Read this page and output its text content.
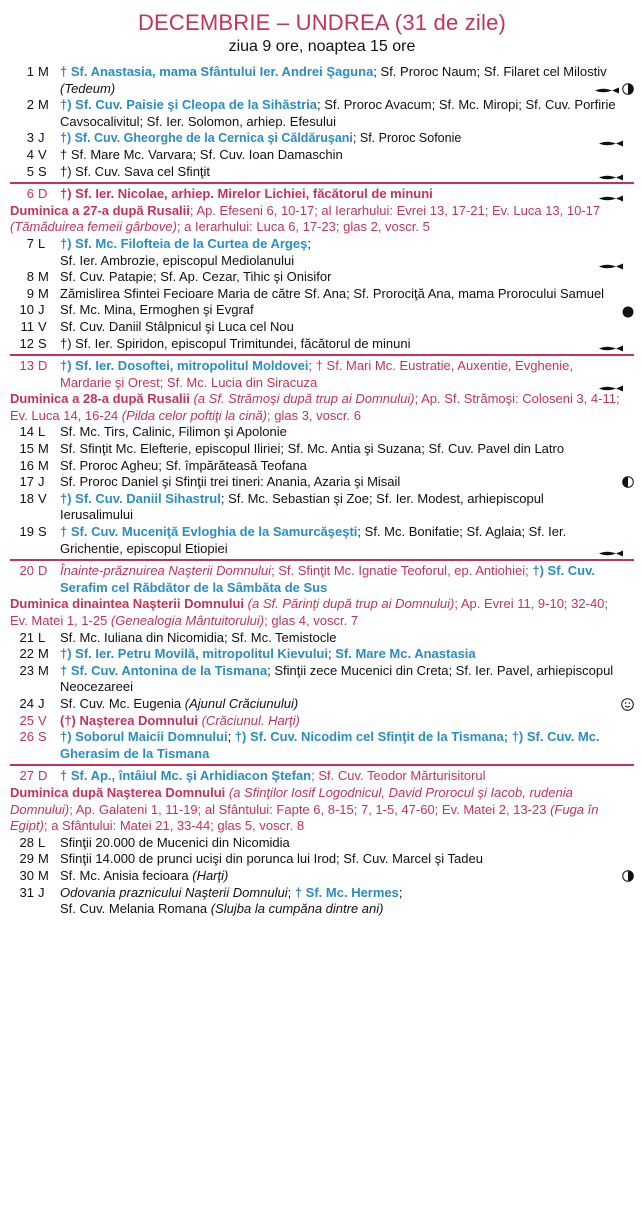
DECEMBRIE – UNDREA (31 de zile)
ziua 9 ore, noaptea 15 ore
1 M † Sf. Anastasia, mama Sfântului Ier. Andrei Şaguna; Sf. Proroc Naum; Sf. Filaret cel Milostiv (Tedeum)
2 M †) Sf. Cuv. Paisie şi Cleopa de la Sihăstria; Sf. Proroc Avacum; Sf. Mc. Miropi; Sf. Cuv. Porfirie Cavsocalivitul; Sf. Ier. Solomon, arhiep. Efesului
3 J	†) Sf. Cuv. Gheorghe de la Cernica şi Căldăruşani; Sf. Proroc Sofonie
4 V	† Sf. Mare Mc. Varvara; Sf. Cuv. Ioan Damaschin
5 S	†) Sf. Cuv. Sava cel Sfinţit
6 D †) Sf. Ier. Nicolae, arhiep. Mirelor Lichiei, făcătorul de minuni
Duminica a 27-a după Rusalii; Ap. Efeseni 6, 10-17; al Ierarhului: Evrei 13, 17-21; Ev. Luca 13, 10-17 (Tămăduirea femeii gârbove); a Ierarhului: Luca 6, 17-23; glas 2, voscr. 5
7 L	†) Sf. Mc. Filofteia de la Curtea de Argeş;
Sf. Ier. Ambrozie, episcopul Mediolanului
8 M Sf. Cuv. Patapie; Sf. Ap. Cezar, Tihic şi Onisifor
9 M Zămislirea Sfintei Fecioare Maria de către Sf. Ana; Sf. Prorociţă Ana, mama Prorocului Samuel
10 J	Sf. Mc. Mina, Ermoghen şi Evgraf
11 V	Sf. Cuv. Daniil Stâlpnicul şi Luca cel Nou
12 S	†) Sf. Ier. Spiridon, episcopul Trimitundei, făcătorul de minuni
13 D †) Sf. Ier. Dosoftei, mitropolitul Moldovei; † Sf. Mari Mc. Eustratie, Auxentie, Evghenie, Mardarie şi Orest; Sf. Mc. Lucia din Siracuza
Duminica a 28-a după Rusalii (a Sf. Strămoşi după trup ai Domnului); Ap. Sf. Strămoşi: Coloseni 3, 4-11; Ev. Luca 14, 16-24 (Pilda celor poftiţi la cină); glas 3, voscr. 6
14 L	Sf. Mc. Tirs, Calinic, Filimon şi Apolonie
15 M Sf. Sfinţit Mc. Elefterie, episcopul Iliriei; Sf. Mc. Antia şi Suzana; Sf. Cuv. Pavel din Latro
16 M Sf. Proroc Agheu; Sf. împărăteasă Teofana
17 J	Sf. Proroc Daniel şi Sfinţii trei tineri: Anania, Azaria şi Misail
18 V	†) Sf. Cuv. Daniil Sihastrul; Sf. Mc. Sebastian şi Zoe; Sf. Ier. Modest, arhiepiscopul Ierusalimului
19 S	† Sf. Cuv. Muceniţă Evloghia de la Samurcăşeşti; Sf. Mc. Bonifatie; Sf. Aglaia; Sf. Ier. Grichentie, episcopul Etiopiei
20 D Înainte-prăznuirea Naşterii Domnului; Sf. Sfinţit Mc. Ignatie Teoforul, ep. Antiohiei; †) Sf. Cuv. Serafim cel Răbdător de la Sâmbăta de Sus
Duminica dinaintea Naşterii Domnului (a Sf. Părinţi după trup ai Domnului); Ap. Evrei 11, 9-10; 32-40; Ev. Matei 1, 1-25 (Genealogia Mântuitorului); glas 4, voscr. 7
21 L	Sf. Mc. Iuliana din Nicomidia; Sf. Mc. Temistocle
22 M †) Sf. Ier. Petru Movilă, mitropolitul Kievului; Sf. Mare Mc. Anastasia
23 M † Sf. Cuv. Antonina de la Tismana; Sfinţii zece Mucenici din Creta; Sf. Ier. Pavel, arhiepiscopul Neocezareei
24 J	Sf. Cuv. Mc. Eugenia (Ajunul Crăciunului)
25 V	(†) Naşterea Domnului (Crăciunul. Harţi)
26 S	†) Soborul Maicii Domnului; †) Sf. Cuv. Nicodim cel Sfinţit de la Tismana; †) Sf. Cuv. Mc. Gherasim de la Tismana
27 D † Sf. Ap., întâiul Mc. şi Arhidiacon Ştefan; Sf. Cuv. Teodor Mărturisitorul
Duminica după Naşterea Domnului (a Sfinţilor Iosif Logodnicul, David Prorocul şi Iacob, rudenia Domnului); Ap. Galateni 1, 11-19; al Sfântului: Fapte 6, 8-15; 7, 1-5, 47-60; Ev. Matei 2, 13-23 (Fuga în Egipt); a Sfântului: Matei 21, 33-44; glas 5, voscr. 8
28 L	Sfinţii 20.000 de Mucenici din Nicomidia
29 M Sfinţii 14.000 de prunci ucişi din porunca lui Irod; Sf. Cuv. Marcel şi Tadeu
30 M Sf. Mc. Anisia fecioara (Harţi)
31 J	Odovania praznicului Naşterii Domnului; † Sf. Mc. Hermes;
Sf. Cuv. Melania Romana (Slujba la cumpăna dintre ani)
